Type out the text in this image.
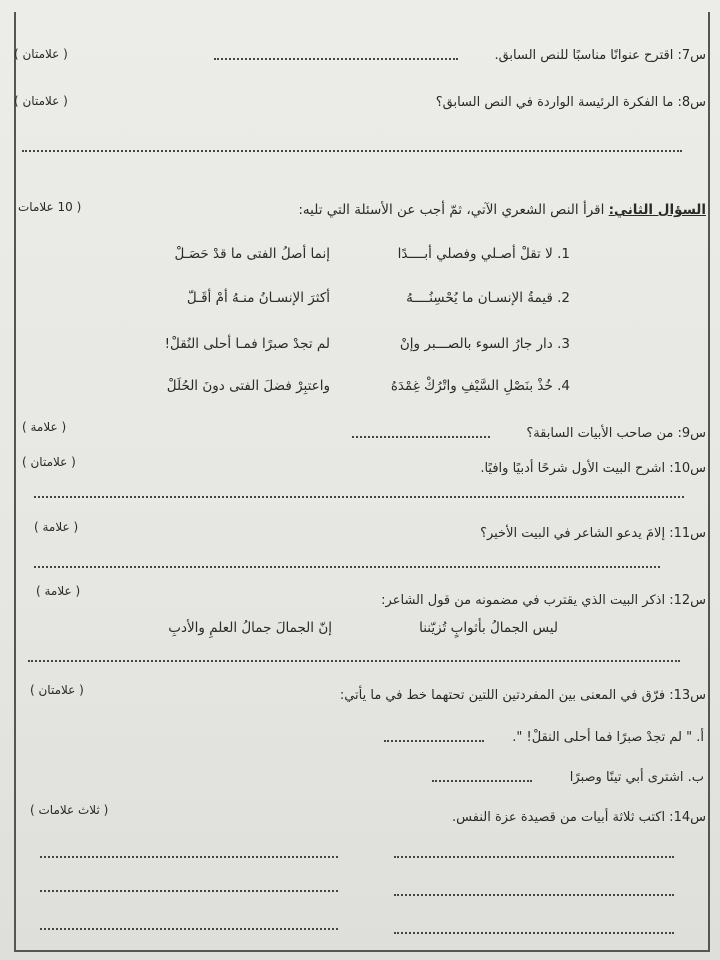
س7: اقترح عنوانًا مناسبًا للنص السابق.
( علامتان )
س8: ما الفكرة الرئيسة الواردة في النص السابق؟
( علامتان )
السؤال الثاني: اقرأ النص الشعري الآتي، ثمّ أجب عن الأسئلة التي تليه:
( 10 علامات
1. لا تقلْ أصـلي وفصلي أبــــدًا
إنما أصلُ الفتى ما قدْ حَصَـلْ
2. قيمةُ الإنسـان ما يُحْسِنُــــهُ
أكثرَ الإنسـانُ منـهُ أمْ أقَـلّ
3. دار جارُ السوء بالصـــبر وإنْ
لم تجدْ صبرًا فمـا أحلى النُقلْ!
4. خُذْ بنَصْلِ السَّيْفِ واتْرُكْ غِمْدَهُ
واعتبِرْ فضلَ الفتى دونَ الحُلَلْ
س9: من صاحب الأبيات السابقة؟
( علامة )
س10: اشرح البيت الأول شرحًا أدبيًا وافيًا.
( علامتان )
س11: إلامَ يدعو الشاعر في البيت الأخير؟
( علامة )
س12: اذكر البيت الذي يقترب في مضمونه من قول الشاعر:
( علامة )
ليس الجمالُ بأثوابٍ تُزيّننا
إنّ الجمالَ جمالُ العلمِ والأدبِ
س13: فرّق في المعنى بين المفردتين اللتين تحتهما خط في ما يأتي:
( علامتان )
أ. " لم تجدْ صبرًا فما أحلى النقلْ! ".
ب. اشترى أبي تينًا وصبرًا
س14: اكتب ثلاثة أبيات من قصيدة عزة النفس.
( ثلاث علامات )
